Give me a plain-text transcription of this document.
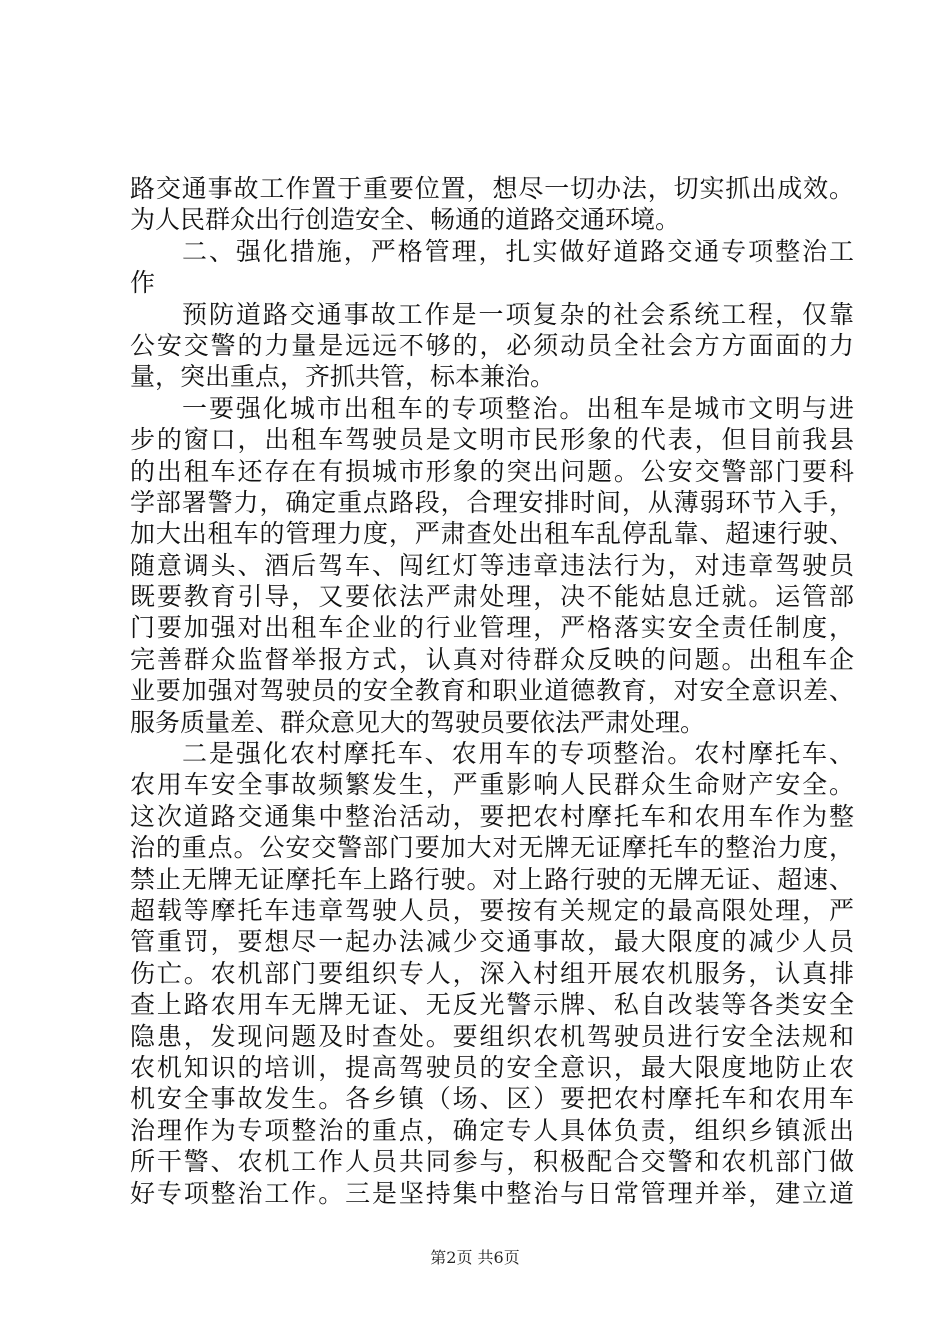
路交通事故工作置于重要位置，想尽一切办法，切实抓出成效。
为人民群众出行创造安全、畅通的道路交通环境。
二、强化措施，严格管理，扎实做好道路交通专项整治工
作
预防道路交通事故工作是一项复杂的社会系统工程，仅靠
公安交警的力量是远远不够的，必须动员全社会方方面面的力
量，突出重点，齐抓共管，标本兼治。
一要强化城市出租车的专项整治。出租车是城市文明与进
步的窗口，出租车驾驶员是文明市民形象的代表，但目前我县
的出租车还存在有损城市形象的突出问题。公安交警部门要科
学部署警力，确定重点路段，合理安排时间，从薄弱环节入手，
加大出租车的管理力度，严肃查处出租车乱停乱靠、超速行驶、
随意调头、酒后驾车、闯红灯等违章违法行为，对违章驾驶员
既要教育引导，又要依法严肃处理，决不能姑息迁就。运管部
门要加强对出租车企业的行业管理，严格落实安全责任制度，
完善群众监督举报方式，认真对待群众反映的问题。出租车企
业要加强对驾驶员的安全教育和职业道德教育，对安全意识差、
服务质量差、群众意见大的驾驶员要依法严肃处理。
二是强化农村摩托车、农用车的专项整治。农村摩托车、
农用车安全事故频繁发生，严重影响人民群众生命财产安全。
这次道路交通集中整治活动，要把农村摩托车和农用车作为整
治的重点。公安交警部门要加大对无牌无证摩托车的整治力度，
禁止无牌无证摩托车上路行驶。对上路行驶的无牌无证、超速、
超载等摩托车违章驾驶人员，要按有关规定的最高限处理，严
管重罚，要想尽一起办法减少交通事故，最大限度的减少人员
伤亡。农机部门要组织专人，深入村组开展农机服务，认真排
查上路农用车无牌无证、无反光警示牌、私自改装等各类安全
隐患，发现问题及时查处。要组织农机驾驶员进行安全法规和
农机知识的培训，提高驾驶员的安全意识，最大限度地防止农
机安全事故发生。各乡镇（场、区）要把农村摩托车和农用车
治理作为专项整治的重点，确定专人具体负责，组织乡镇派出
所干警、农机工作人员共同参与，积极配合交警和农机部门做
好专项整治工作。三是坚持集中整治与日常管理并举，建立道
第2页 共6页
